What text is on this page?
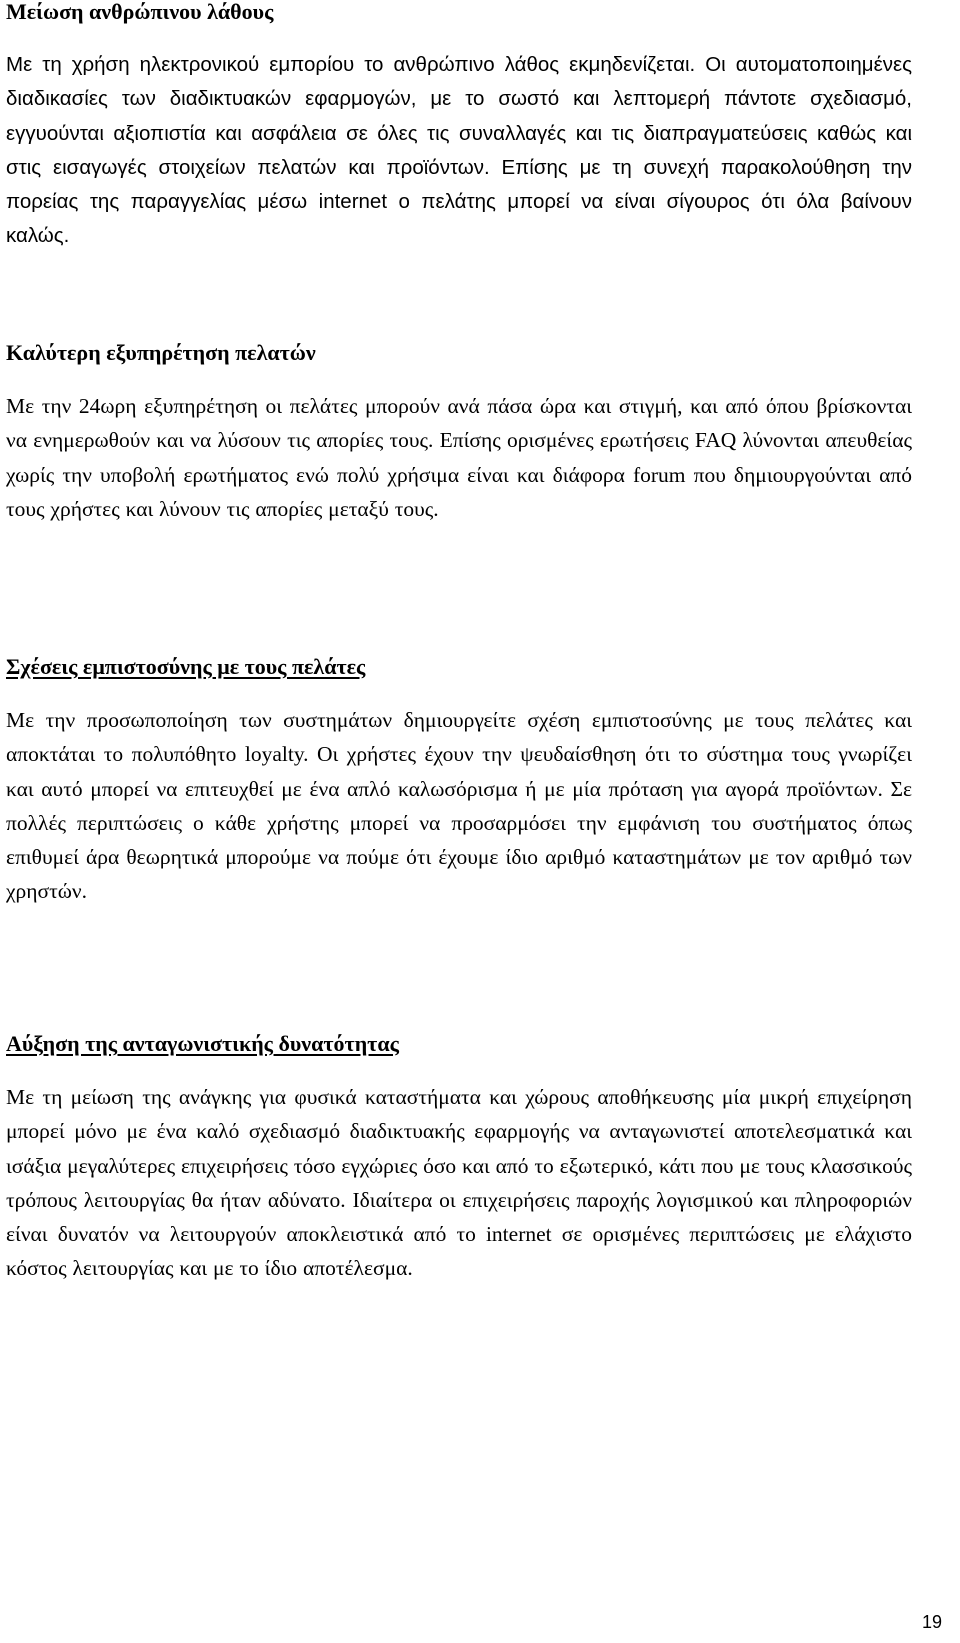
Μείωση ανθρώπινου λάθους

Με τη χρήση ηλεκτρονικού εμπορίου το ανθρώπινο λάθος εκμηδενίζεται. Οι αυτοματοποιημένες διαδικασίες των διαδικτυακών εφαρμογών, με το σωστό και λεπτομερή πάντοτε σχεδιασμό, εγγυούνται αξιοπιστία και ασφάλεια σε όλες τις συναλλαγές και τις διαπραγματεύσεις καθώς και στις εισαγωγές στοιχείων πελατών και προϊόντων. Επίσης με τη συνεχή παρακολούθηση την πορείας της παραγγελίας μέσω internet ο πελάτης μπορεί να είναι σίγουρος ότι όλα βαίνουν καλώς.

Καλύτερη εξυπηρέτηση πελατών

Με την 24ωρη εξυπηρέτηση οι πελάτες μπορούν ανά πάσα ώρα και στιγμή, και από όπου βρίσκονται να ενημερωθούν και να λύσουν τις απορίες τους. Επίσης ορισμένες ερωτήσεις FAQ λύνονται απευθείας χωρίς την υποβολή ερωτήματος ενώ πολύ χρήσιμα είναι και διάφορα forum που δημιουργούνται από τους χρήστες και λύνουν τις απορίες μεταξύ τους.

Σχέσεις εμπιστοσύνης με τους πελάτες

Με την προσωποποίηση των συστημάτων δημιουργείτε σχέση εμπιστοσύνης με τους πελάτες και αποκτάται το πολυπόθητο loyalty. Οι χρήστες έχουν την ψευδαίσθηση ότι το σύστημα τους γνωρίζει και αυτό μπορεί να επιτευχθεί με ένα απλό καλωσόρισμα ή με μία πρόταση για αγορά προϊόντων. Σε πολλές περιπτώσεις ο κάθε χρήστης μπορεί να προσαρμόσει την εμφάνιση του συστήματος όπως επιθυμεί άρα θεωρητικά μπορούμε να πούμε ότι έχουμε ίδιο αριθμό καταστημάτων με τον αριθμό των χρηστών.

Αύξηση της ανταγωνιστικής δυνατότητας

Με τη μείωση της ανάγκης για φυσικά καταστήματα και χώρους αποθήκευσης μία μικρή επιχείρηση μπορεί μόνο με ένα καλό σχεδιασμό διαδικτυακής εφαρμογής να ανταγωνιστεί αποτελεσματικά και ισάξια μεγαλύτερες επιχειρήσεις τόσο εγχώριες όσο και από το εξωτερικό, κάτι που με τους κλασσικούς τρόπους λειτουργίας θα ήταν αδύνατο. Ιδιαίτερα οι επιχειρήσεις παροχής λογισμικού και πληροφοριών είναι δυνατόν να λειτουργούν αποκλειστικά από το internet σε ορισμένες περιπτώσεις με ελάχιστο κόστος λειτουργίας και με το ίδιο αποτέλεσμα.

19
